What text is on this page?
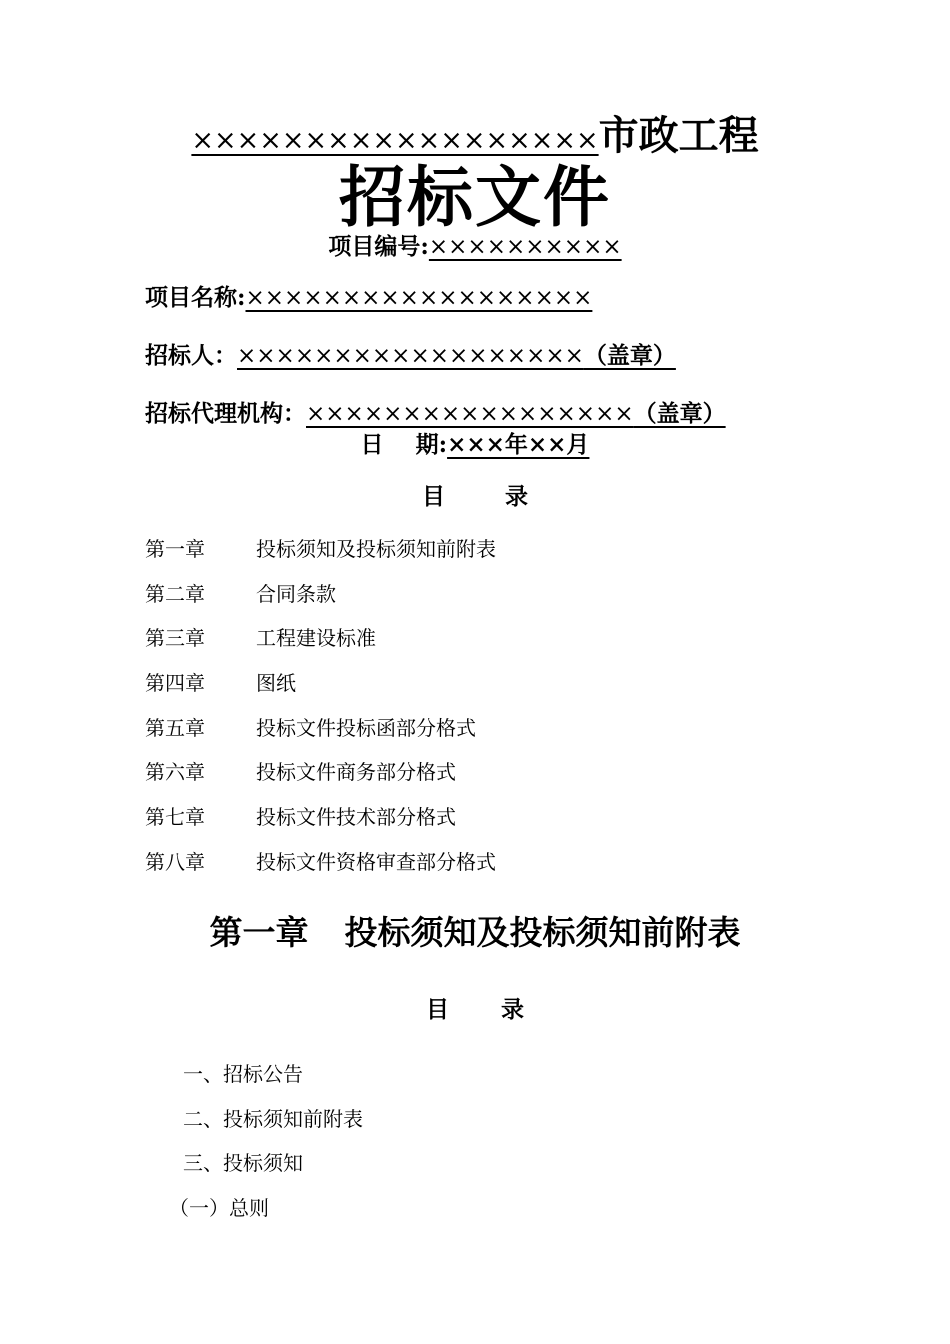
××××××××××××××××××市政工程
招标文件
项目编号:××××××××××
项目名称:××××××××××××××××××
招标人：××××××××××××××××××（盖章）
招标代理机构：×××××××××××××××××（盖章）
日    期:×××年××月
目  录
第一章	投标须知及投标须知前附表
第二章	合同条款
第三章	工程建设标准
第四章	图纸
第五章	投标文件投标函部分格式
第六章	投标文件商务部分格式
第七章	投标文件技术部分格式
第八章	投标文件资格审查部分格式
第一章 投标须知及投标须知前附表
目 录
一、招标公告
二、投标须知前附表
三、投标须知
（一）总则
